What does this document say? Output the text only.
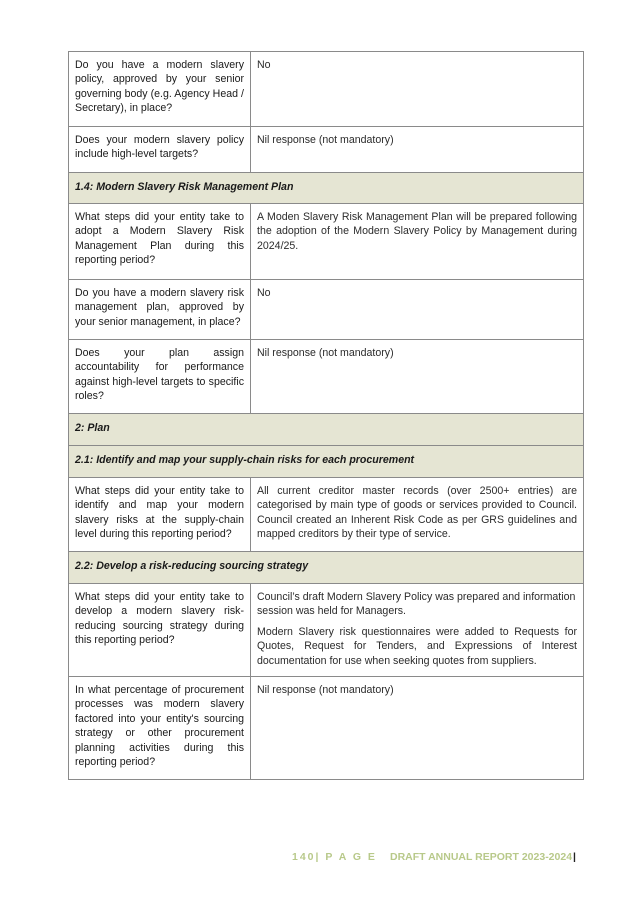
Do you have a modern slavery policy, approved by your senior governing body (e.g. Agency Head / Secretary), in place?	No

Does your modern slavery policy include high-level targets?	Nil response (not mandatory)

1.4: Modern Slavery Risk Management Plan	
What steps did your entity take to adopt a Modern Slavery Risk Management Plan during this reporting period?	A Moden Slavery Risk Management Plan will be prepared following the adoption of the Modern Slavery Policy by Management during 2024/25.

Do you have a modern slavery risk management plan, approved by your senior management, in place?	No

Does your plan assign accountability for performance against high-level targets to specific roles?	Nil response (not mandatory)

2: Plan	
2.1: Identify and map your supply-chain risks for each procurement	
What steps did your entity take to identify and map your modern slavery risks at the supply-chain level during this reporting period?	All current creditor master records (over 2500+ entries) are categorised by main type of goods or services provided to Council. Council created an Inherent Risk Code as per GRS guidelines and mapped creditors by their type of service.

2.2: Develop a risk-reducing sourcing strategy	
What steps did your entity take to develop a modern slavery risk-reducing sourcing strategy during this reporting period?	Council’s draft Modern Slavery Policy was prepared and information session was held for Managers.

Modern Slavery risk questionnaires were added to Requests for Quotes, Request for Tenders, and Expressions of Interest documentation for use when seeking quotes from suppliers.

In what percentage of procurement processes was modern slavery factored into your entity's sourcing strategy or other procurement planning activities during this reporting period?	Nil response (not mandatory)

140| P A G E DRAFT ANNUAL REPORT 2023-2024 |
